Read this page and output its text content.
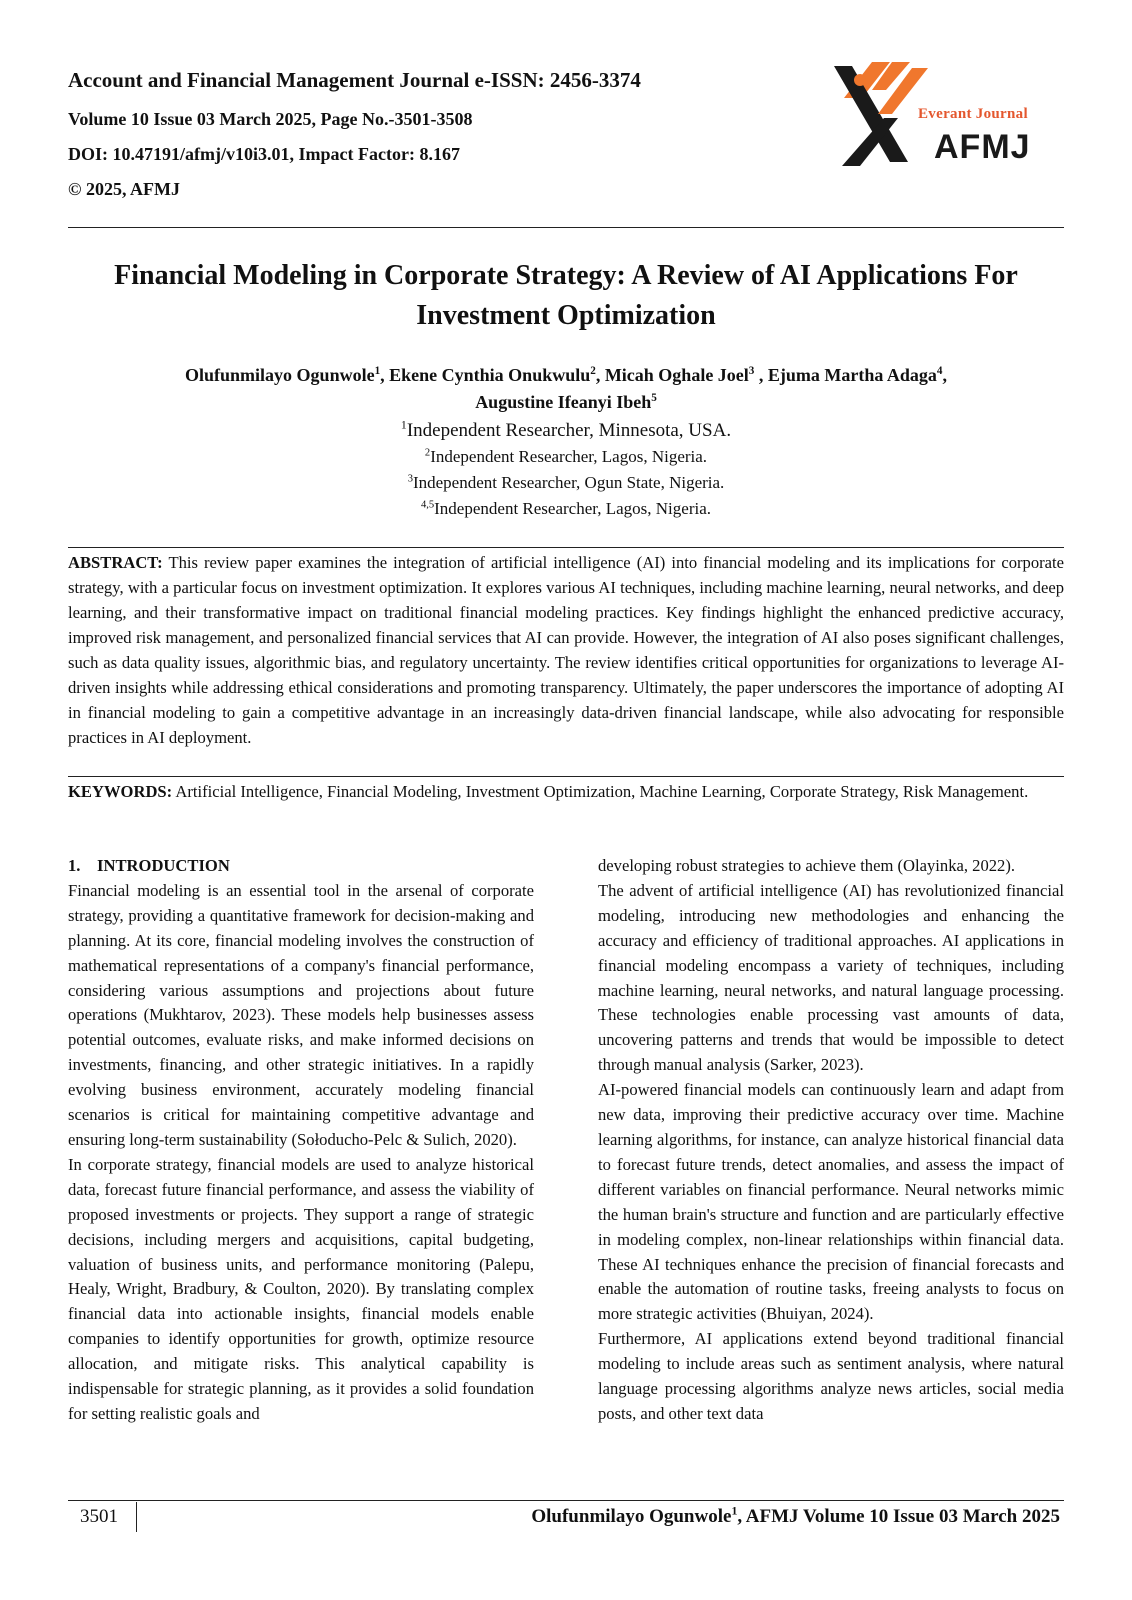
Account and Financial Management Journal e-ISSN: 2456-3374
Volume 10 Issue 03 March 2025, Page No.-3501-3508
DOI: 10.47191/afmj/v10i3.01, Impact Factor: 8.167
© 2025, AFMJ
Everant Journal
AFMJ
Financial Modeling in Corporate Strategy: A Review of AI Applications For
Investment Optimization
Olufunmilayo Ogunwole$^1$, Ekene Cynthia Onukwulu$^2$, Micah Oghale Joel$^3$ , Ejuma Martha Adaga$^4$,
Augustine Ifeanyi Ibeh$^5$
$^1$Independent Researcher, Minnesota, USA.
$^2$Independent Researcher, Lagos, Nigeria.
$^3$Independent Researcher, Ogun State, Nigeria.
$^{4,5}$Independent Researcher, Lagos, Nigeria.
ABSTRACT: This review paper examines the integration of artificial intelligence (AI) into financial modeling and its implications for corporate strategy, with a particular focus on investment optimization. It explores various AI techniques, including machine learning, neural networks, and deep learning, and their transformative impact on traditional financial modeling practices. Key findings highlight the enhanced predictive accuracy, improved risk management, and personalized financial services that AI can provide. However, the integration of AI also poses significant challenges, such as data quality issues, algorithmic bias, and regulatory uncertainty. The review identifies critical opportunities for organizations to leverage AI-driven insights while addressing ethical considerations and promoting transparency. Ultimately, the paper underscores the importance of adopting AI in financial modeling to gain a competitive advantage in an increasingly data-driven financial landscape, while also advocating for responsible practices in AI deployment.
KEYWORDS: Artificial Intelligence, Financial Modeling, Investment Optimization, Machine Learning, Corporate Strategy, Risk Management.
1.    INTRODUCTION

Financial modeling is an essential tool in the arsenal of corporate strategy, providing a quantitative framework for decision-making and planning. At its core, financial modeling involves the construction of mathematical representations of a company's financial performance, considering various assumptions and projections about future operations (Mukhtarov, 2023). These models help businesses assess potential outcomes, evaluate risks, and make informed decisions on investments, financing, and other strategic initiatives. In a rapidly evolving business environment, accurately modeling financial scenarios is critical for maintaining competitive advantage and ensuring long-term sustainability (Sołoducho-Pelc & Sulich, 2020).

In corporate strategy, financial models are used to analyze historical data, forecast future financial performance, and assess the viability of proposed investments or projects. They support a range of strategic decisions, including mergers and acquisitions, capital budgeting, valuation of business units, and performance monitoring (Palepu, Healy, Wright, Bradbury, & Coulton, 2020). By translating complex financial data into actionable insights, financial models enable companies to identify opportunities for growth, optimize resource allocation, and mitigate risks. This analytical capability is indispensable for strategic planning, as it provides a solid foundation for setting realistic goals and

developing robust strategies to achieve them (Olayinka, 2022).

The advent of artificial intelligence (AI) has revolutionized financial modeling, introducing new methodologies and enhancing the accuracy and efficiency of traditional approaches. AI applications in financial modeling encompass a variety of techniques, including machine learning, neural networks, and natural language processing. These technologies enable processing vast amounts of data, uncovering patterns and trends that would be impossible to detect through manual analysis (Sarker, 2023).

AI-powered financial models can continuously learn and adapt from new data, improving their predictive accuracy over time. Machine learning algorithms, for instance, can analyze historical financial data to forecast future trends, detect anomalies, and assess the impact of different variables on financial performance. Neural networks mimic the human brain's structure and function and are particularly effective in modeling complex, non-linear relationships within financial data. These AI techniques enhance the precision of financial forecasts and enable the automation of routine tasks, freeing analysts to focus on more strategic activities (Bhuiyan, 2024).

Furthermore, AI applications extend beyond traditional financial modeling to include areas such as sentiment analysis, where natural language processing algorithms analyze news articles, social media posts, and other text data

3501	Olufunmilayo Ogunwole$^1$, AFMJ Volume 10 Issue 03 March 2025
